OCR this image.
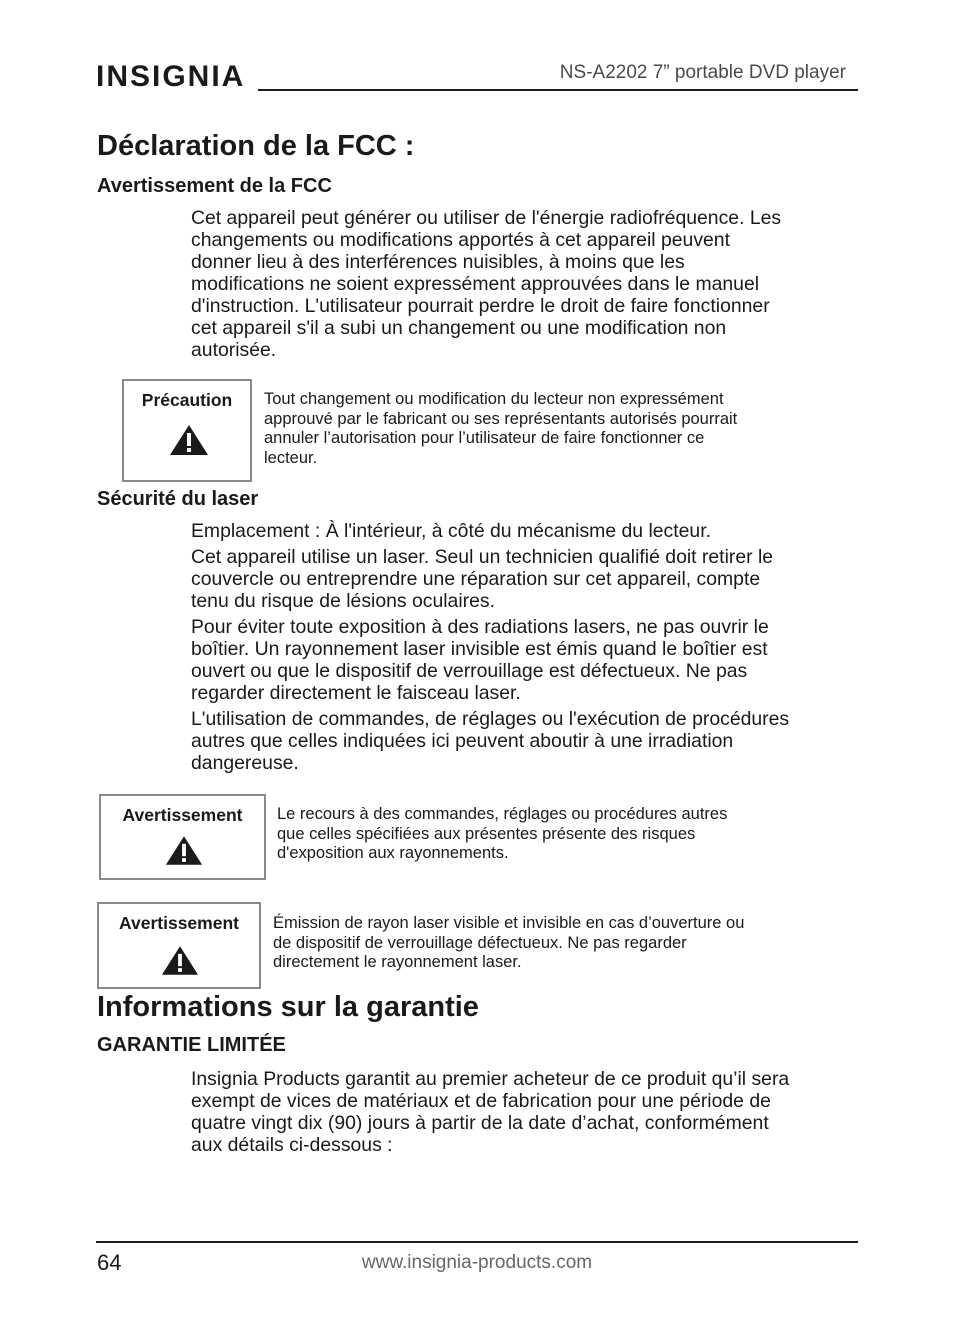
INSIGNIA	NS-A2202 7” portable DVD player
Déclaration de la FCC :
Avertissement de la FCC
Cet appareil peut générer ou utiliser de l'énergie radiofréquence. Les
changements ou modifications apportés à cet appareil peuvent
donner lieu à des interférences nuisibles, à moins que les
modifications ne soient expressément approuvées dans le manuel
d'instruction. L'utilisateur pourrait perdre le droit de faire fonctionner
cet appareil s'il a subi un changement ou une modification non
autorisée.
Précaution	Tout changement ou modification du lecteur non expressément
approuvé par le fabricant ou ses représentants autorisés pourrait
annuler l’autorisation pour l’utilisateur de faire fonctionner ce
lecteur.
Sécurité du laser
Emplacement : À l'intérieur, à côté du mécanisme du lecteur.
Cet appareil utilise un laser. Seul un technicien qualifié doit retirer le
couvercle ou entreprendre une réparation sur cet appareil, compte
tenu du risque de lésions oculaires.
Pour éviter toute exposition à des radiations lasers, ne pas ouvrir le
boîtier. Un rayonnement laser invisible est émis quand le boîtier est
ouvert ou que le dispositif de verrouillage est défectueux. Ne pas
regarder directement le faisceau laser.
L'utilisation de commandes, de réglages ou l'exécution de procédures
autres que celles indiquées ici peuvent aboutir à une irradiation
dangereuse.
Avertissement	Le recours à des commandes, réglages ou procédures autres
que celles spécifiées aux présentes présente des risques
d'exposition aux rayonnements.
Avertissement	Émission de rayon laser visible et invisible en cas d’ouverture ou
de dispositif de verrouillage défectueux. Ne pas regarder
directement le rayonnement laser.
Informations sur la garantie
GARANTIE LIMITÉE
Insignia Products garantit au premier acheteur de ce produit qu’il sera
exempt de vices de matériaux et de fabrication pour une période de
quatre vingt dix (90) jours à partir de la date d’achat, conformément
aux détails ci-dessous :
64	www.insignia-products.com
